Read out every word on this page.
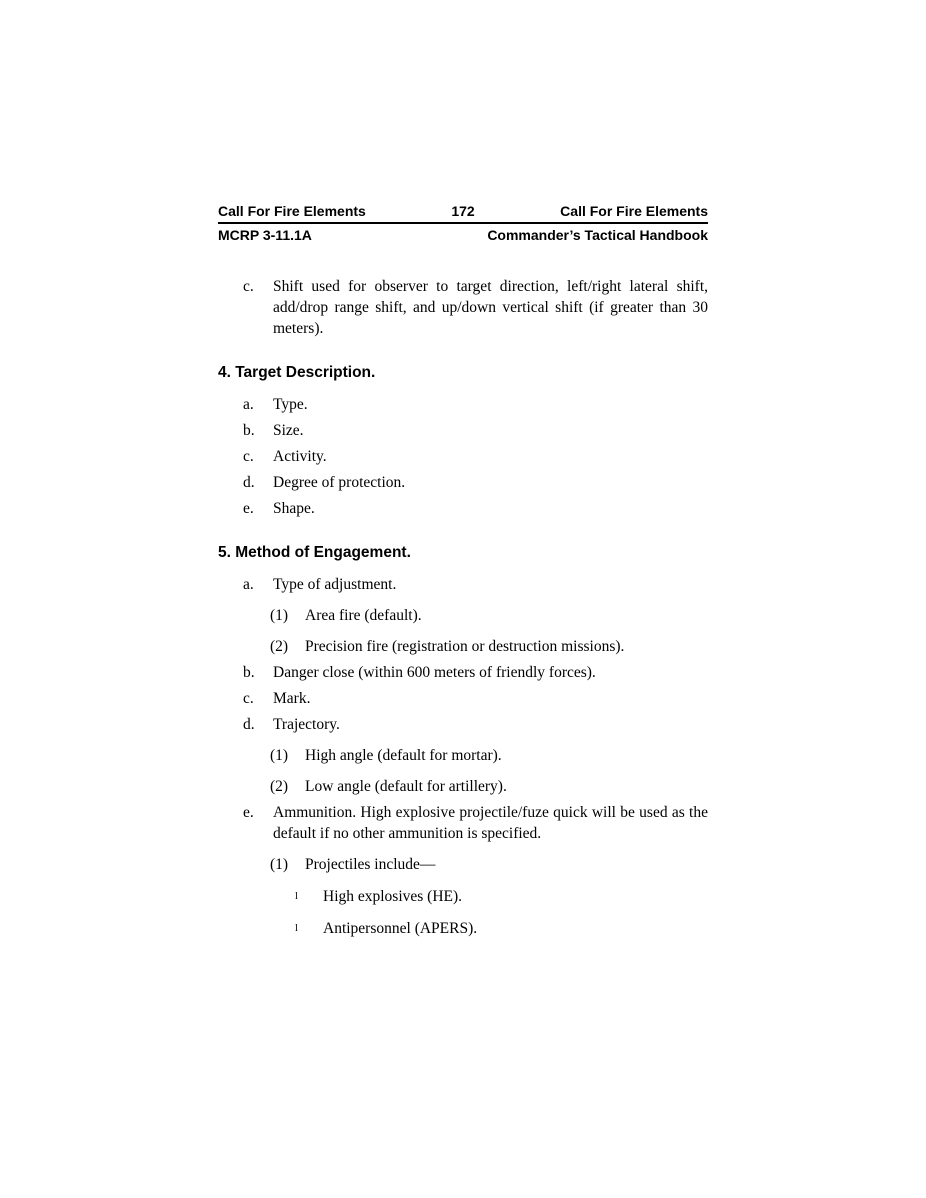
Call For Fire Elements	172	Call For Fire Elements
MCRP 3-11.1A	Commander’s Tactical Handbook
c.	Shift used for observer to target direction, left/right lateral shift, add/drop range shift, and up/down vertical shift (if greater than 30 meters).
4. Target Description.
a.	Type.
b.	Size.
c.	Activity.
d.	Degree of protection.
e.	Shape.
5. Method of Engagement.
a.	Type of adjustment.
(1)	Area fire (default).
(2)	Precision fire (registration or destruction missions).
b.	Danger close (within 600 meters of friendly forces).
c.	Mark.
d.	Trajectory.
(1)	High angle (default for mortar).
(2)	Low angle (default for artillery).
e.	Ammunition. High explosive projectile/fuze quick will be used as the default if no other ammunition is specified.
(1)	Projectiles include—
l	High explosives (HE).
l	Antipersonnel (APERS).
